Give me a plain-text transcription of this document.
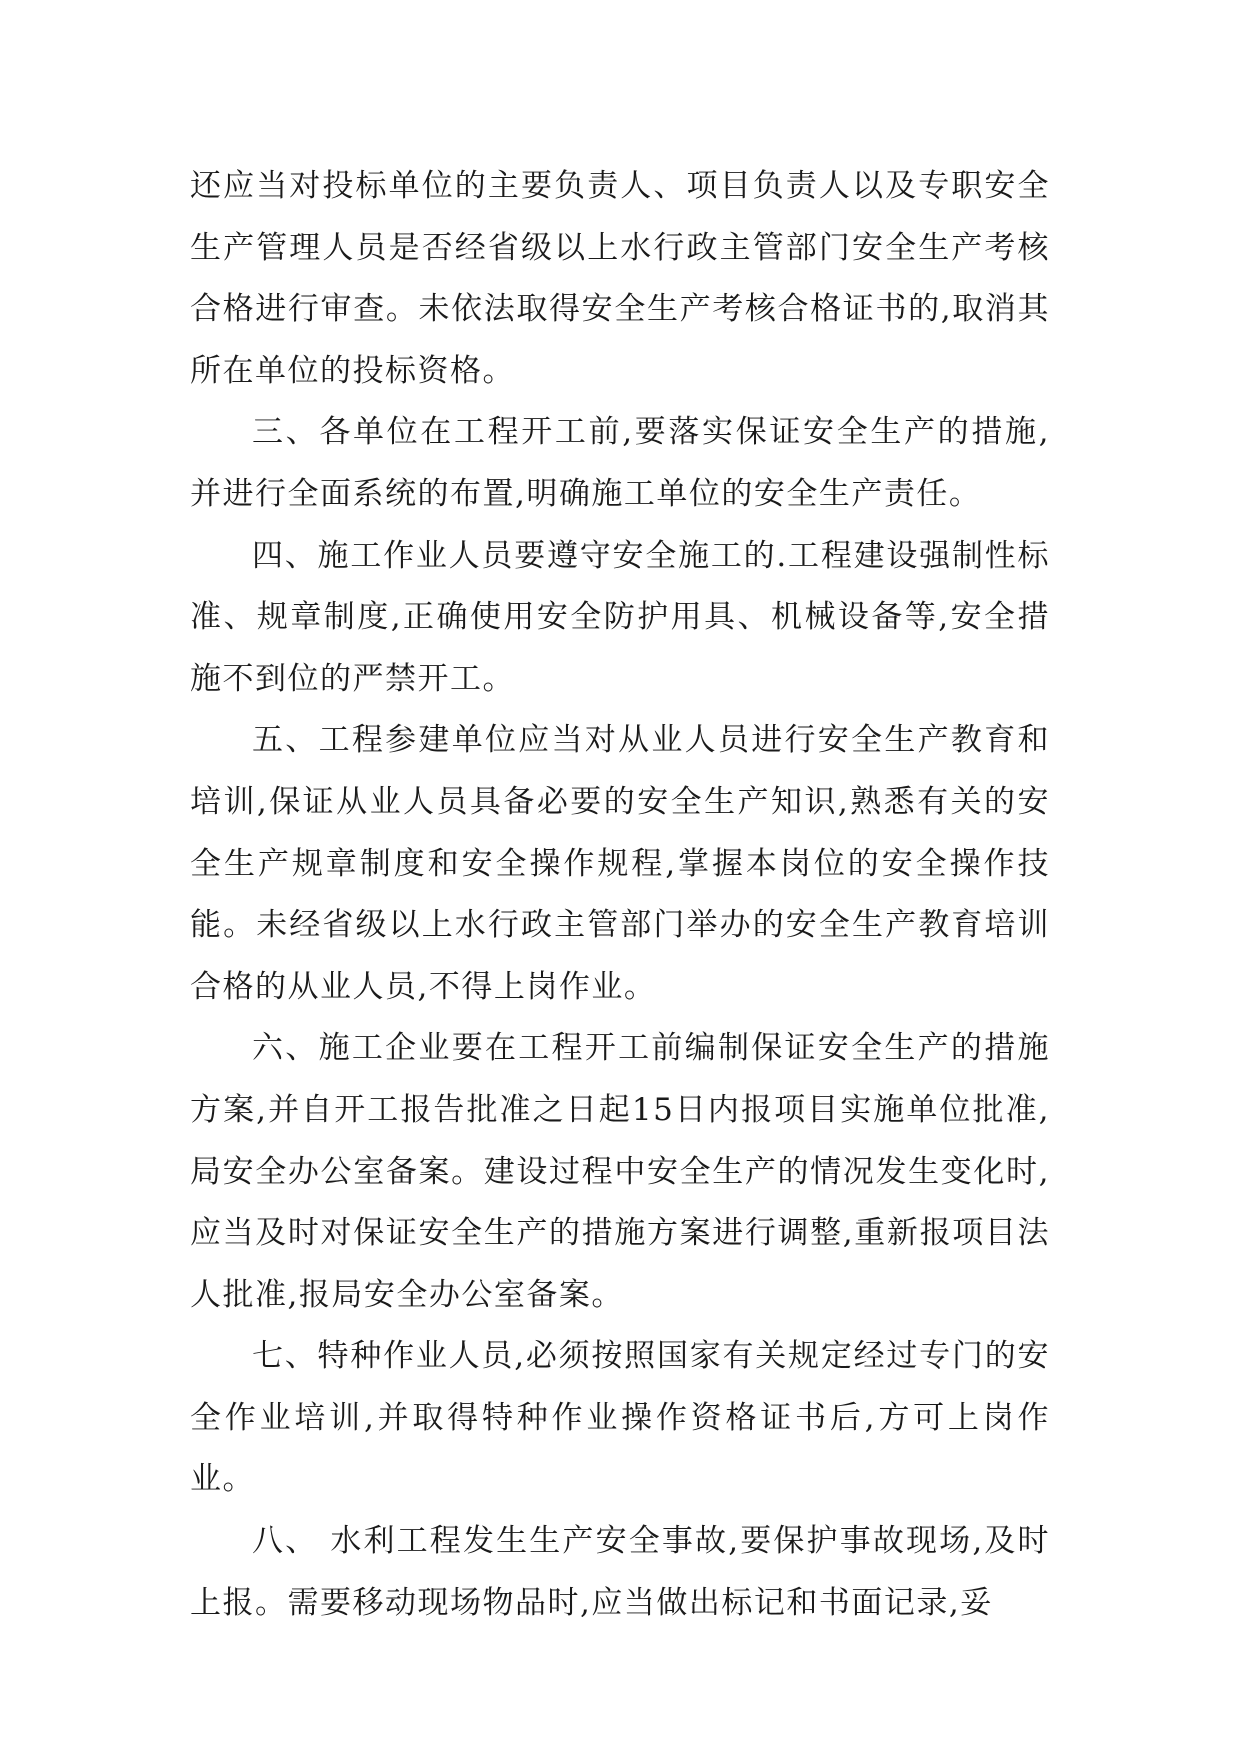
还应当对投标单位的主要负责人、项目负责人以及专职安全生产管理人员是否经省级以上水行政主管部门安全生产考核合格进行审查。未依法取得安全生产考核合格证书的,取消其所在单位的投标资格。

三、各单位在工程开工前,要落实保证安全生产的措施,并进行全面系统的布置,明确施工单位的安全生产责任。

四、施工作业人员要遵守安全施工的.工程建设强制性标准、规章制度,正确使用安全防护用具、机械设备等,安全措施不到位的严禁开工。

五、工程参建单位应当对从业人员进行安全生产教育和培训,保证从业人员具备必要的安全生产知识,熟悉有关的安全生产规章制度和安全操作规程,掌握本岗位的安全操作技能。未经省级以上水行政主管部门举办的安全生产教育培训合格的从业人员,不得上岗作业。

六、施工企业要在工程开工前编制保证安全生产的措施方案,并自开工报告批准之日起15日内报项目实施单位批准,局安全办公室备案。建设过程中安全生产的情况发生变化时,应当及时对保证安全生产的措施方案进行调整,重新报项目法人批准,报局安全办公室备案。

七、特种作业人员,必须按照国家有关规定经过专门的安全作业培训,并取得特种作业操作资格证书后,方可上岗作业。

八、 水利工程发生生产安全事故,要保护事故现场,及时上报。需要移动现场物品时,应当做出标记和书面记录,妥
